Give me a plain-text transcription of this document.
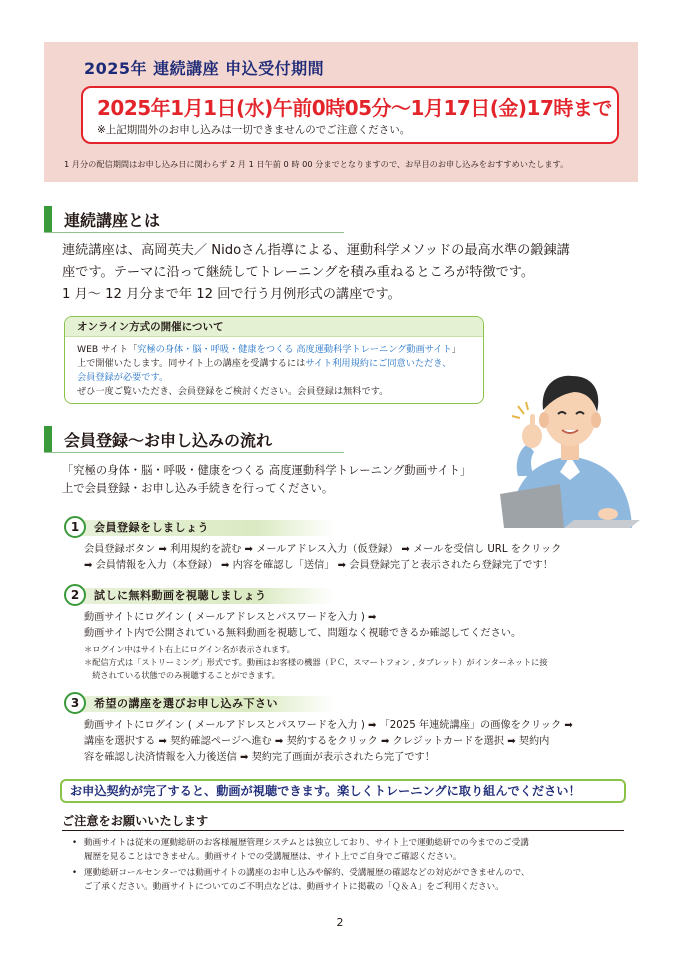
2025年 連続講座 申込受付期間
2025年1月1日(水)午前0時05分～1月17日(金)17時まで
※上記期間外のお申し込みは一切できませんのでご注意ください。
1 月分の配信期間はお申し込み日に関わらず 2 月 1 日午前 0 時 00 分までとなりますので、お早目のお申し込みをおすすめいたします。
連続講座とは
連続講座は、高岡英夫／ Nidoさん指導による、運動科学メソッドの最高水準の鍛錬講
座です。テーマに沿って継続してトレーニングを積み重ねるところが特徴です。
1 月～ 12 月分まで年 12 回で行う月例形式の講座です。
オンライン方式の開催について
WEB サイト「究極の身体・脳・呼吸・健康をつくる 高度運動科学トレーニング動画サイト」
上で開催いたします。同サイト上の講座を受講するにはサイト利用規約にご同意いただき、
会員登録が必要です。
ぜひ一度ご覧いただき、会員登録をご検討ください。会員登録は無料です。
会員登録～お申し込みの流れ
「究極の身体・脳・呼吸・健康をつくる 高度運動科学トレーニング動画サイト」
上で会員登録・お申し込み手続きを行ってください。
1	会員登録をしましょう
会員登録ボタン ➡ 利用規約を読む ➡ メールアドレス入力（仮登録） ➡ メールを受信し URL をクリック
➡ 会員情報を入力（本登録） ➡ 内容を確認し「送信」 ➡ 会員登録完了と表示されたら登録完了です！
2	試しに無料動画を視聴しましょう
動画サイトにログイン ( メールアドレスとパスワードを入力 ) ➡
動画サイト内で公開されている無料動画を視聴して、問題なく視聴できるか確認してください。
＊ログイン中はサイト右上にログイン名が表示されます。
＊配信方式は「ストリーミング」形式です。動画はお客様の機器（ＰＣ，スマートフォン , タブレット）がインターネットに接
　続されている状態でのみ視聴することができます。
3	希望の講座を選びお申し込み下さい
動画サイトにログイン ( メールアドレスとパスワードを入力 ) ➡ 「2025 年連続講座」の画像をクリック ➡
講座を選択する ➡ 契約確認ページへ進む ➡ 契約するをクリック ➡ クレジットカードを選択 ➡ 契約内
容を確認し決済情報を入力後送信 ➡ 契約完了画面が表示されたら完了です！
お申込契約が完了すると、動画が視聴できます。楽しくトレーニングに取り組んでください！
ご注意をお願いいたします
• 動画サイトは従来の運動総研のお客様履歴管理システムとは独立しており、サイト上で運動総研での今までのご受講
履歴を見ることはできません。動画サイトでの受講履歴は、サイト上でご自身でご確認ください。
• 運動総研コールセンターでは動画サイトの講座のお申し込みや解約、受講履歴の確認などの対応ができませんので、
ご了承ください。動画サイトについてのご不明点などは、動画サイトに掲載の「Ｑ＆Ａ」をご利用ください。
2
